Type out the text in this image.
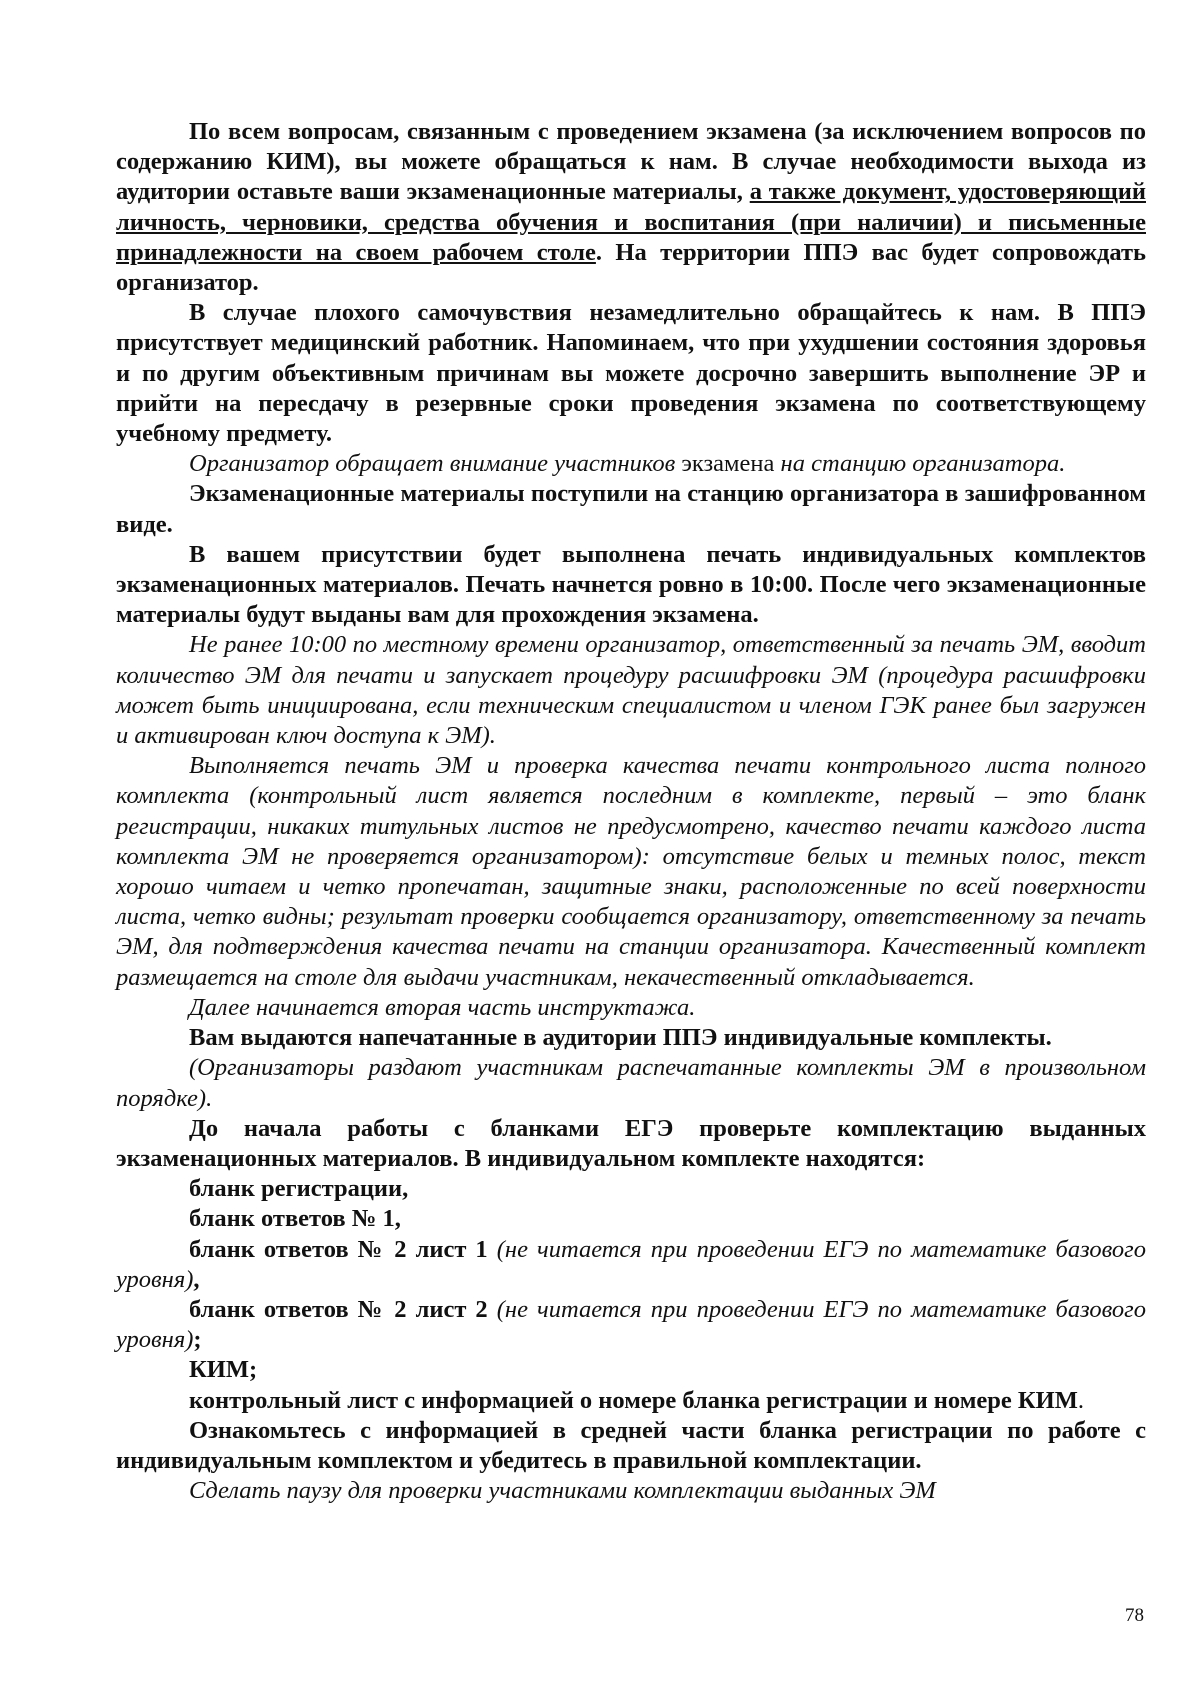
По всем вопросам, связанным с проведением экзамена (за исключением вопросов по содержанию КИМ), вы можете обращаться к нам. В случае необходимости выхода из аудитории оставьте ваши экзаменационные материалы, а также документ, удостоверяющий личность, черновики, средства обучения и воспитания (при наличии) и письменные принадлежности на своем рабочем столе. На территории ППЭ вас будет сопровождать организатор.

В случае плохого самочувствия незамедлительно обращайтесь к нам. В ППЭ присутствует медицинский работник. Напоминаем, что при ухудшении состояния здоровья и по другим объективным причинам вы можете досрочно завершить выполнение ЭР и прийти на пересдачу в резервные сроки проведения экзамена по соответствующему учебному предмету.

Организатор обращает внимание участников экзамена на станцию организатора.

Экзаменационные материалы поступили на станцию организатора в зашифрованном виде.

В вашем присутствии будет выполнена печать индивидуальных комплектов экзаменационных материалов. Печать начнется ровно в 10:00. После чего экзаменационные материалы будут выданы вам для прохождения экзамена.

Не ранее 10:00 по местному времени организатор, ответственный за печать ЭМ, вводит количество ЭМ для печати и запускает процедуру расшифровки ЭМ (процедура расшифровки может быть инициирована, если техническим специалистом и членом ГЭК ранее был загружен и активирован ключ доступа к ЭМ).

Выполняется печать ЭМ и проверка качества печати контрольного листа полного комплекта (контрольный лист является последним в комплекте, первый – это бланк регистрации, никаких титульных листов не предусмотрено, качество печати каждого листа комплекта ЭМ не проверяется организатором): отсутствие белых и темных полос, текст хорошо читаем и четко пропечатан, защитные знаки, расположенные по всей поверхности листа, четко видны; результат проверки сообщается организатору, ответственному за печать ЭМ, для подтверждения качества печати на станции организатора. Качественный комплект размещается на столе для выдачи участникам, некачественный откладывается.

Далее начинается вторая часть инструктажа.

Вам выдаются напечатанные в аудитории ППЭ индивидуальные комплекты.

(Организаторы раздают участникам распечатанные комплекты ЭМ в произвольном порядке).

До начала работы с бланками ЕГЭ проверьте комплектацию выданных экзаменационных материалов. В индивидуальном комплекте находятся:

бланк регистрации,

бланк ответов № 1,

бланк ответов № 2 лист 1 (не читается при проведении ЕГЭ по математике базового уровня),

бланк ответов № 2 лист 2 (не читается при проведении ЕГЭ по математике базового уровня);

КИМ;

контрольный лист с информацией о номере бланка регистрации и номере КИМ.

Ознакомьтесь с информацией в средней части бланка регистрации по работе с индивидуальным комплектом и убедитесь в правильной комплектации.

Сделать паузу для проверки участниками комплектации выданных ЭМ

78
